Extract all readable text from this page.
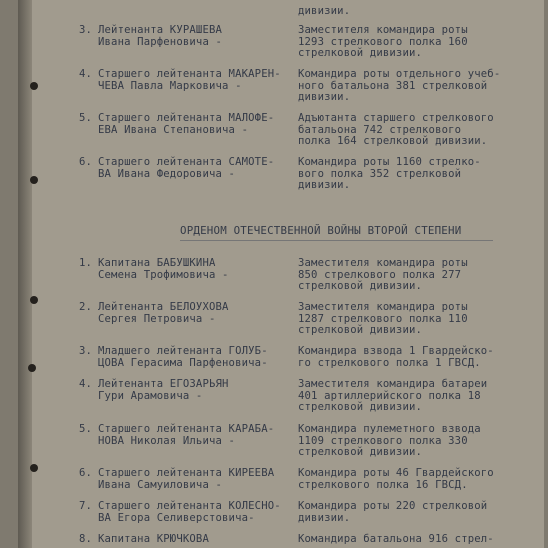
дивизии.
3. Лейтенанта КУРАШЕВА
Ивана Парфеновича -
Заместителя командира роты
1293 стрелкового полка 160
стрелковой дивизии.
4. Старшего лейтенанта МАКАРЕН-
ЧЕВА Павла Марковича -
Командира роты отдельного учеб-
ного батальона 381 стрелковой
дивизии.
5. Старшего лейтенанта МАЛОФЕ-
ЕВА Ивана Степановича -
Адъютанта старшего стрелкового
батальона 742 стрелкового
полка 164 стрелковой дивизии.
6. Старшего лейтенанта САМОТЕ-
ВА Ивана Федоровича -
Командира роты 1160 стрелко-
вого полка 352 стрелковой
дивизии.
ОРДЕНОМ ОТЕЧЕСТВЕННОЙ ВОЙНЫ ВТОРОЙ СТЕПЕНИ
1. Капитана БАБУШКИНА
Семена Трофимовича -
Заместителя командира роты
850 стрелкового полка 277
стрелковой дивизии.
2. Лейтенанта БЕЛОУХОВА
Сергея Петровича -
Заместителя командира роты
1287 стрелкового полка 110
стрелковой дивизии.
3. Младшего лейтенанта ГОЛУБ-
ЦОВА Герасима Парфеновича-
Командира взвода 1 Гвардейско-
го стрелкового полка 1 ГВСД.
4. Лейтенанта ЕГОЗАРЬЯН
Гури Арамовича -
Заместителя командира батареи
401 артиллерийского полка 18
стрелковой дивизии.
5. Старшего лейтенанта КАРАБА-
НОВА Николая Ильича -
Командира пулеметного взвода
1109 стрелкового полка 330
стрелковой дивизии.
6. Старшего лейтенанта КИРЕЕВА
Ивана Самуиловича -
Командира роты 46 Гвардейского
стрелкового полка 16 ГВСД.
7. Старшего лейтенанта КОЛЕСНО-
ВА Егора Селиверстовича-
Командира роты 220 стрелковой
дивизии.
8. Капитана КРЮЧКОВА	Командира батальона 916 стрел-
